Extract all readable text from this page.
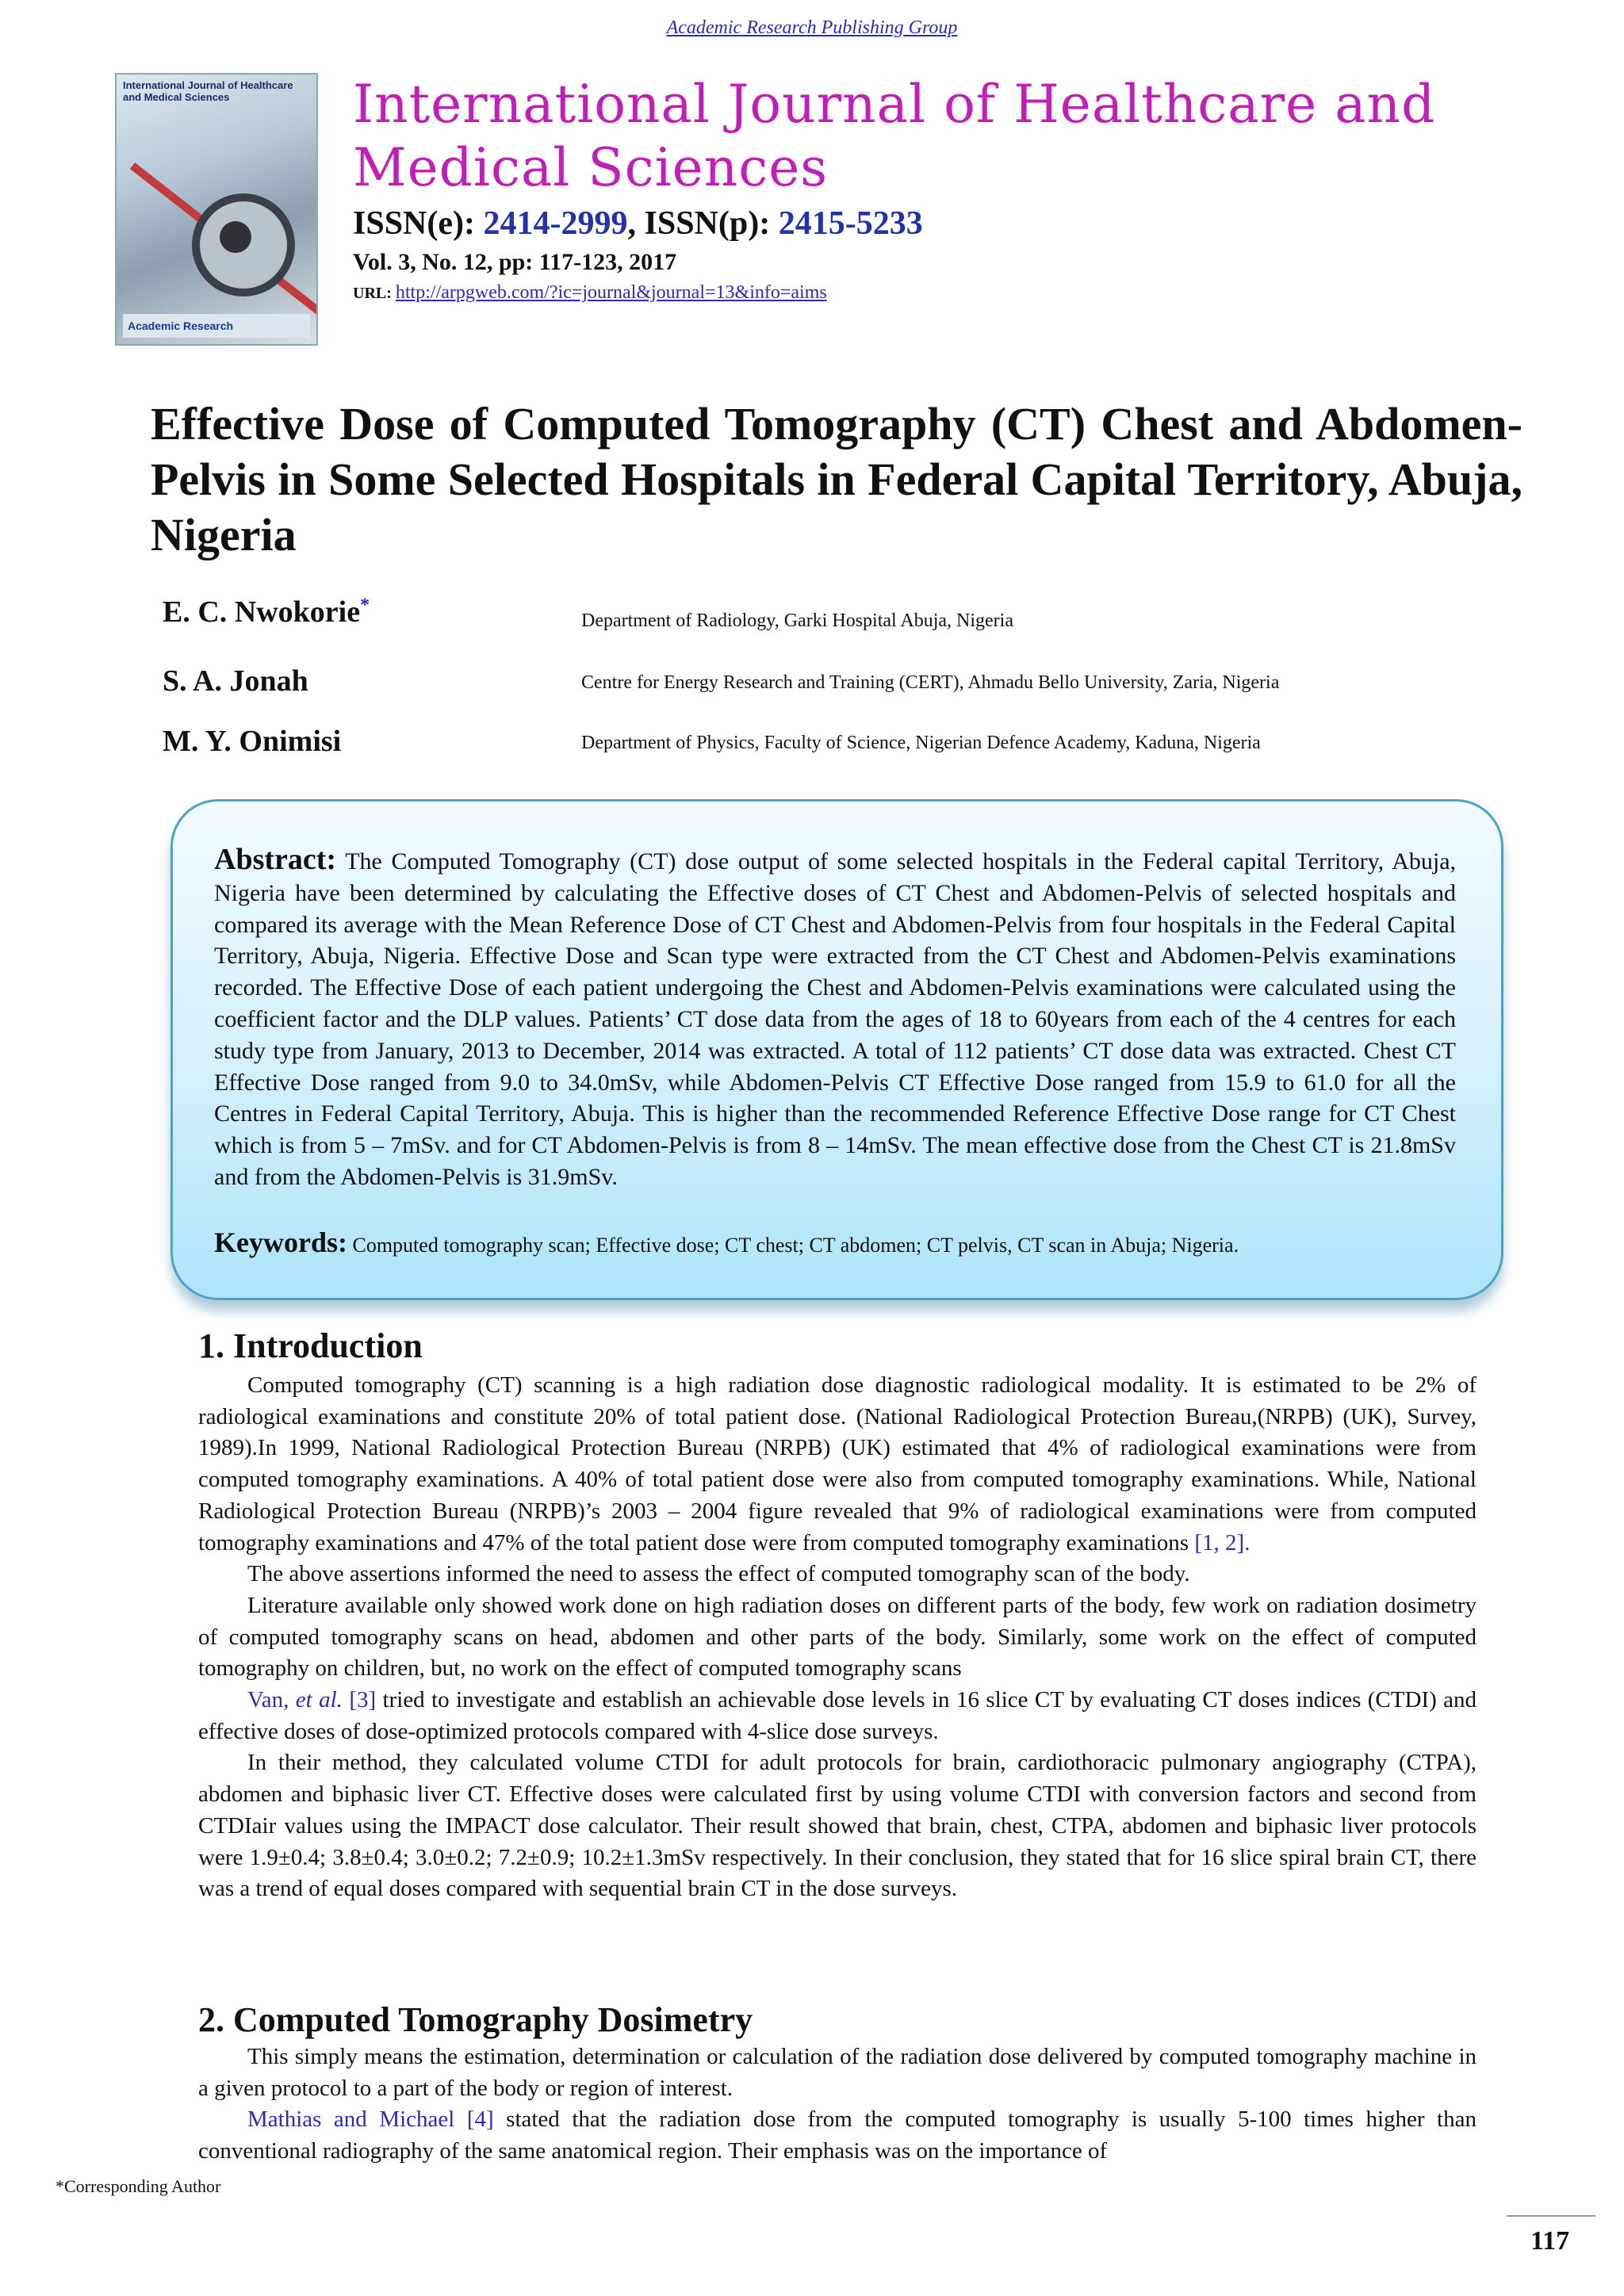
Academic Research Publishing Group
International Journal of Healthcare and Medical Sciences
Academic Research
International Journal of Healthcare and
Medical Sciences
ISSN(e): 2414-2999, ISSN(p): 2415-5233
Vol. 3, No. 12, pp: 117-123, 2017
URL: http://arpgweb.com/?ic=journal&journal=13&info=aims
Effective Dose of Computed Tomography (CT) Chest and Abdomen-Pelvis in Some Selected Hospitals in Federal Capital Territory, Abuja, Nigeria
E. C. Nwokorie*
Department of Radiology, Garki Hospital Abuja, Nigeria
S. A. Jonah	Centre for Energy Research and Training (CERT), Ahmadu Bello University, Zaria, Nigeria
M. Y. Onimisi	Department of Physics, Faculty of Science, Nigerian Defence Academy, Kaduna, Nigeria
Abstract: The Computed Tomography (CT) dose output of some selected hospitals in the Federal capital Territory, Abuja, Nigeria have been determined by calculating the Effective doses of CT Chest and Abdomen-Pelvis of selected hospitals and compared its average with the Mean Reference Dose of CT Chest and Abdomen-Pelvis from four hospitals in the Federal Capital Territory, Abuja, Nigeria. Effective Dose and Scan type were extracted from the CT Chest and Abdomen-Pelvis examinations recorded. The Effective Dose of each patient undergoing the Chest and Abdomen-Pelvis examinations were calculated using the coefficient factor and the DLP values. Patients’ CT dose data from the ages of 18 to 60years from each of the 4 centres for each study type from January, 2013 to December, 2014 was extracted. A total of 112 patients’ CT dose data was extracted. Chest CT Effective Dose ranged from 9.0 to 34.0mSv, while Abdomen-Pelvis CT Effective Dose ranged from 15.9 to 61.0 for all the Centres in Federal Capital Territory, Abuja. This is higher than the recommended Reference Effective Dose range for CT Chest which is from 5 – 7mSv. and for CT Abdomen-Pelvis is from 8 – 14mSv. The mean effective dose from the Chest CT is 21.8mSv and from the Abdomen-Pelvis is 31.9mSv.
Keywords: Computed tomography scan; Effective dose; CT chest; CT abdomen; CT pelvis, CT scan in Abuja; Nigeria.
1. Introduction

Computed tomography (CT) scanning is a high radiation dose diagnostic radiological modality. It is estimated to be 2% of radiological examinations and constitute 20% of total patient dose. (National Radiological Protection Bureau,(NRPB) (UK), Survey, 1989).In 1999, National Radiological Protection Bureau (NRPB) (UK) estimated that 4% of radiological examinations were from computed tomography examinations. A 40% of total patient dose were also from computed tomography examinations. While, National Radiological Protection Bureau (NRPB)’s 2003 – 2004 figure revealed that 9% of radiological examinations were from computed tomography examinations and 47% of the total patient dose were from computed tomography examinations [1, 2].

The above assertions informed the need to assess the effect of computed tomography scan of the body.

Literature available only showed work done on high radiation doses on different parts of the body, few work on radiation dosimetry of computed tomography scans on head, abdomen and other parts of the body. Similarly, some work on the effect of computed tomography on children, but, no work on the effect of computed tomography scans

Van, et al. [3] tried to investigate and establish an achievable dose levels in 16 slice CT by evaluating CT doses indices (CTDI) and effective doses of dose-optimized protocols compared with 4-slice dose surveys.

In their method, they calculated volume CTDI for adult protocols for brain, cardiothoracic pulmonary angiography (CTPA), abdomen and biphasic liver CT. Effective doses were calculated first by using volume CTDI with conversion factors and second from CTDIair values using the IMPACT dose calculator. Their result showed that brain, chest, CTPA, abdomen and biphasic liver protocols were 1.9±0.4; 3.8±0.4; 3.0±0.2; 7.2±0.9; 10.2±1.3mSv respectively. In their conclusion, they stated that for 16 slice spiral brain CT, there was a trend of equal doses compared with sequential brain CT in the dose surveys.

2. Computed Tomography Dosimetry

This simply means the estimation, determination or calculation of the radiation dose delivered by computed tomography machine in a given protocol to a part of the body or region of interest.

Mathias and Michael [4] stated that the radiation dose from the computed tomography is usually 5-100 times higher than conventional radiography of the same anatomical region. Their emphasis was on the importance of

*Corresponding Author
117
